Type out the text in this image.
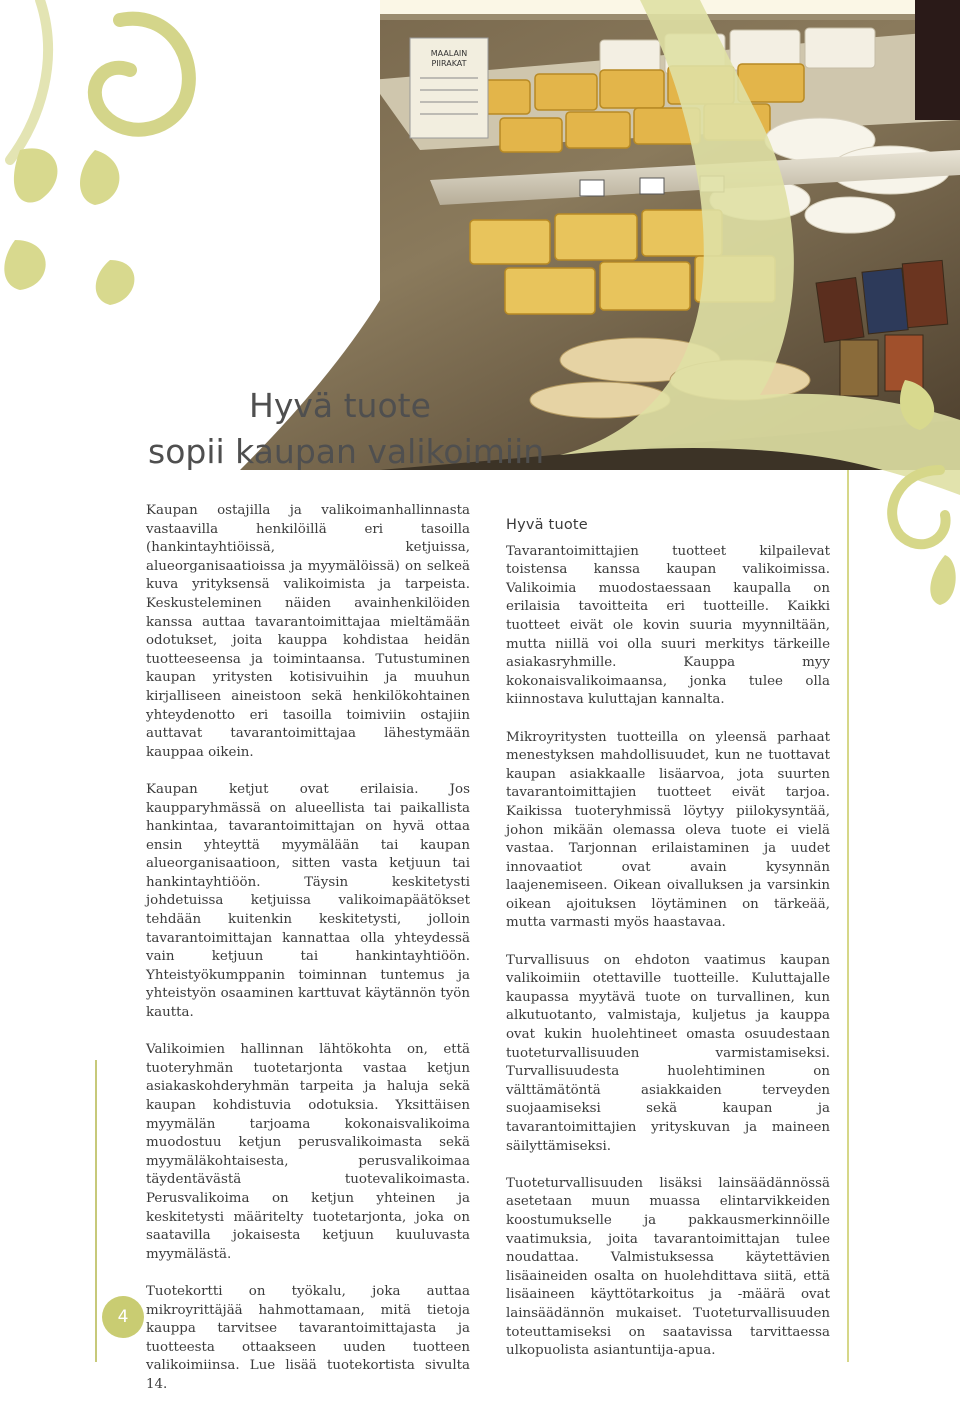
MAALAIN
PIIRAKAT
Hyvä tuote
sopii kaupan valikoimiin

Kaupan ostajilla ja valikoimanhallinnasta vastaavilla henkilöillä eri tasoilla (hankintayhtiöissä, ketjuissa, alueorganisaatioissa ja myymälöissä) on selkeä kuva yrityksensä valikoimista ja tarpeista. Keskusteleminen näiden avainhenkilöiden kanssa auttaa tavarantoimittajaa mieltämään odotukset, joita kauppa kohdistaa heidän tuotteeseensa ja toimintaansa. Tutustuminen kaupan yritysten kotisivuihin ja muuhun kirjalliseen aineistoon sekä henkilökohtainen yhteydenotto eri tasoilla toimiviin ostajiin auttavat tavarantoimittajaa lähestymään kauppaa oikein.

Kaupan ketjut ovat erilaisia. Jos kaupparyhmässä on alueellista tai paikallista hankintaa, tavarantoimittajan on hyvä ottaa ensin yhteyttä myymälään tai kaupan alueorganisaatioon, sitten vasta ketjuun tai hankintayhtiöön. Täysin keskitetysti johdetuissa ketjuissa valikoimapäätökset tehdään kuitenkin keskitetysti, jolloin tavarantoimittajan kannattaa olla yhteydessä vain ketjuun tai hankintayhtiöön. Yhteistyökumppanin toiminnan tuntemus ja yhteistyön osaaminen karttuvat käytännön työn kautta.

Valikoimien hallinnan lähtökohta on, että tuoteryhmän tuotetarjonta vastaa ketjun asiakaskohderyhmän tarpeita ja haluja sekä kaupan kohdistuvia odotuksia. Yksittäisen myymälän tarjoama kokonaisvalikoima muodostuu ketjun perusvalikoimasta sekä myymäläkohtaisesta, perusvalikoimaa täydentävästä tuotevalikoimasta. Perusvalikoima on ketjun yhteinen ja keskitetysti määritelty tuotetarjonta, joka on saatavilla jokaisesta ketjuun kuuluvasta myymälästä.

Tuotekortti on työkalu, joka auttaa mikroyrittäjää hahmottamaan, mitä tietoja kauppa tarvitsee tavarantoimittajasta ja tuotteesta ottaakseen uuden tuotteen valikoimiinsa. Lue lisää tuotekortista sivulta 14.

Hyvä tuote

Tavarantoimittajien tuotteet kilpailevat toistensa kanssa kaupan valikoimissa. Valikoimia muodostaessaan kaupalla on erilaisia tavoitteita eri tuotteille. Kaikki tuotteet eivät ole kovin suuria myynniltään, mutta niillä voi olla suuri merkitys tärkeille asiakasryhmille. Kauppa myy kokonaisvalikoimaansa, jonka tulee olla kiinnostava kuluttajan kannalta.

Mikroyritysten tuotteilla on yleensä parhaat menestyksen mahdollisuudet, kun ne tuottavat kaupan asiakkaalle lisäarvoa, jota suurten tavarantoimittajien tuotteet eivät tarjoa. Kaikissa tuoteryhmissä löytyy piilokysyntää, johon mikään olemassa oleva tuote ei vielä vastaa. Tarjonnan erilaistaminen ja uudet innovaatiot ovat avain kysynnän laajenemiseen. Oikean oivalluksen ja varsinkin oikean ajoituksen löytäminen on tärkeää, mutta varmasti myös haastavaa.

Turvallisuus on ehdoton vaatimus kaupan valikoimiin otettaville tuotteille. Kuluttajalle kaupassa myytävä tuote on turvallinen, kun alkutuotanto, valmistaja, kuljetus ja kauppa ovat kukin huolehtineet omasta osuudestaan tuoteturvallisuuden varmistamiseksi. Turvallisuudesta huolehtiminen on välttämätöntä asiakkaiden terveyden suojaamiseksi sekä kaupan ja tavarantoimittajien yrityskuvan ja maineen säilyttämiseksi.

Tuoteturvallisuuden lisäksi lainsäädännössä asetetaan muun muassa elintarvikkeiden koostumukselle ja pakkausmerkinnöille vaatimuksia, joita tavarantoimittajan tulee noudattaa. Valmistuksessa käytettävien lisäaineiden osalta on huolehdittava siitä, että lisäaineen käyttötarkoitus ja -määrä ovat lainsäädännön mukaiset. Tuoteturvallisuuden toteuttamiseksi on saatavissa tarvittaessa ulkopuolista asiantuntija-apua.

4
